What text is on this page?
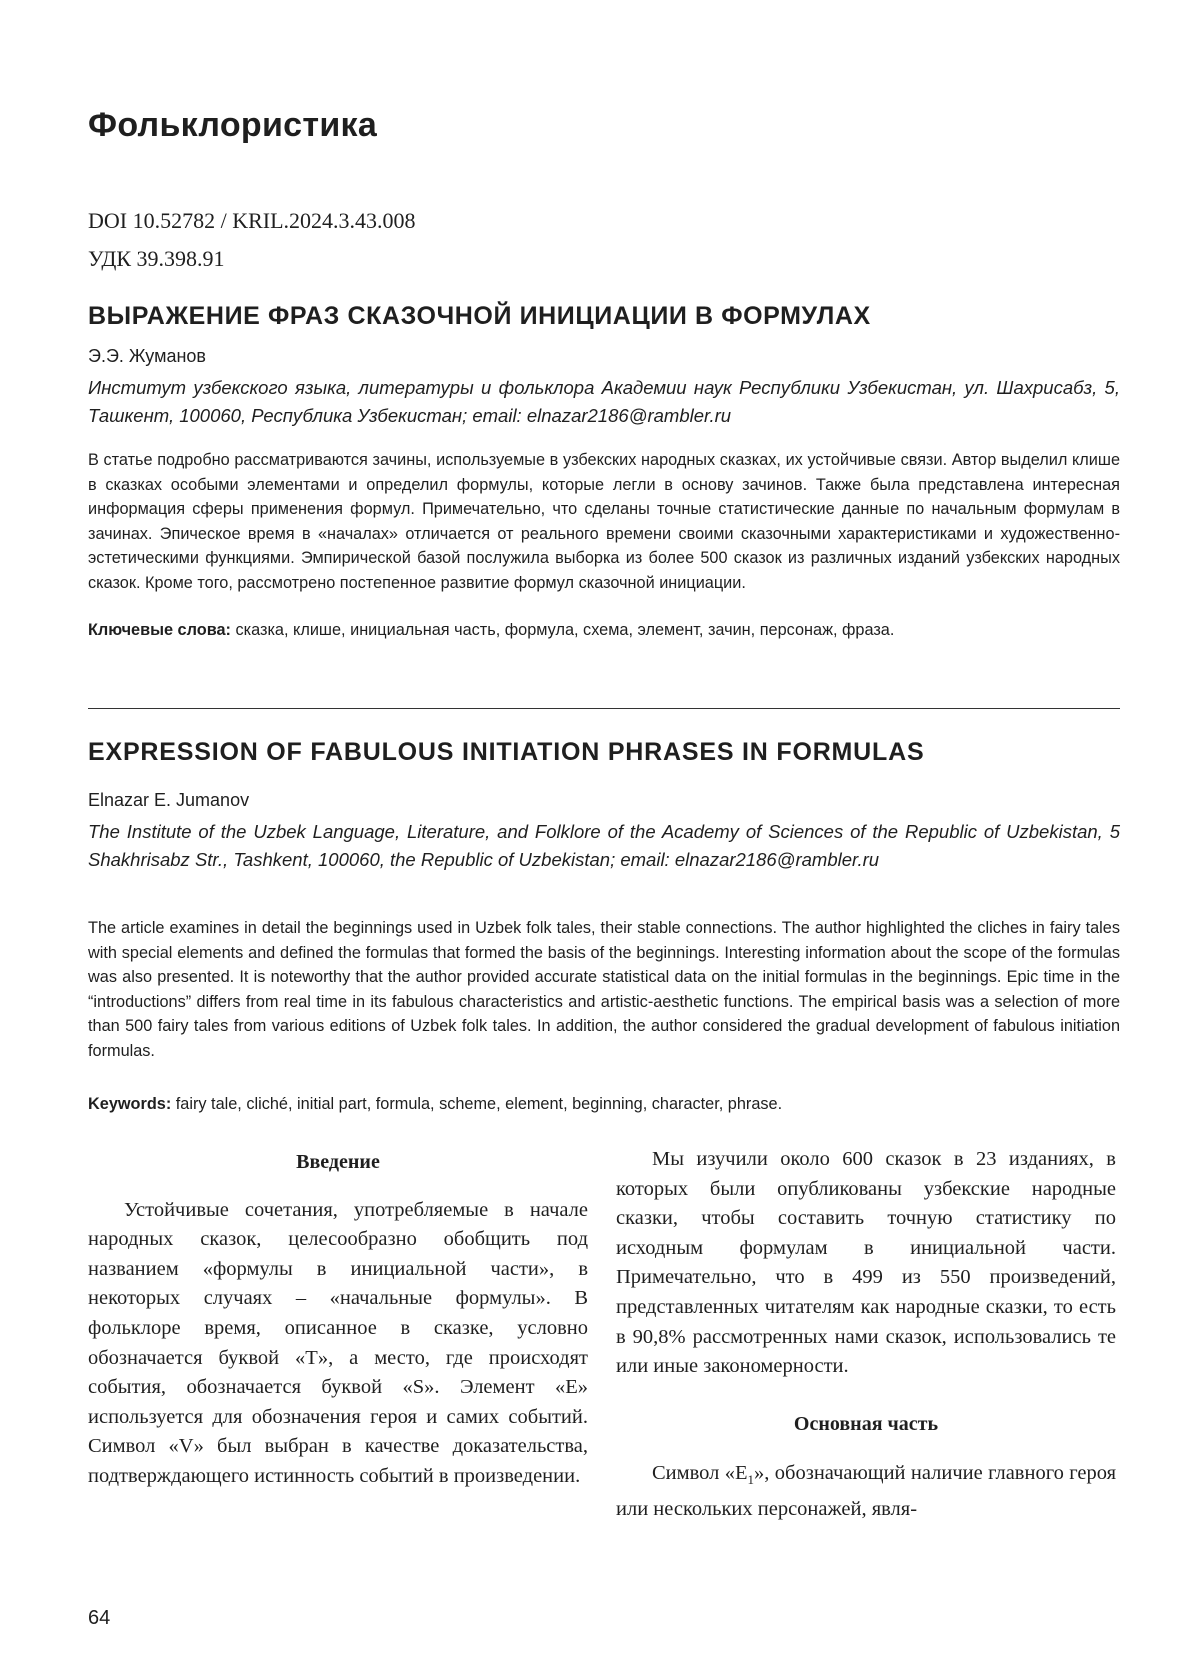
Фольклористика
DOI 10.52782 / KRIL.2024.3.43.008
УДК 39.398.91
ВЫРАЖЕНИЕ ФРАЗ СКАЗОЧНОЙ ИНИЦИАЦИИ В ФОРМУЛАХ
Э.Э. Жуманов
Институт узбекского языка, литературы и фольклора Академии наук Республики Узбекистан, ул. Шахрисабз, 5, Ташкент, 100060, Республика Узбекистан; email: elnazar2186@rambler.ru
В статье подробно рассматриваются зачины, используемые в узбекских народных сказках, их устойчивые связи. Автор выделил клише в сказках особыми элементами и определил формулы, которые легли в основу зачинов. Также была представлена интересная информация сферы применения формул. Примечательно, что сделаны точные статистические данные по начальным формулам в зачинах. Эпическое время в «началах» отличается от реального времени своими сказочными характеристиками и художественно-эстетическими функциями. Эмпирической базой послужила выборка из более 500 сказок из различных изданий узбекских народных сказок. Кроме того, рассмотрено постепенное развитие формул сказочной инициации.
Ключевые слова: сказка, клише, инициальная часть, формула, схема, элемент, зачин, персонаж, фраза.
EXPRESSION OF FABULOUS INITIATION PHRASES IN FORMULAS
Elnazar E. Jumanov
The Institute of the Uzbek Language, Literature, and Folklore of the Academy of Sciences of the Republic of Uzbekistan, 5 Shakhrisabz Str., Tashkent, 100060, the Republic of Uzbekistan; email: elnazar2186@rambler.ru
The article examines in detail the beginnings used in Uzbek folk tales, their stable connections. The author highlighted the cliches in fairy tales with special elements and defined the formulas that formed the basis of the beginnings. Interesting information about the scope of the formulas was also presented. It is noteworthy that the author provided accurate statistical data on the initial formulas in the beginnings. Epic time in the “introductions” differs from real time in its fabulous characteristics and artistic-aesthetic functions. The empirical basis was a selection of more than 500 fairy tales from various editions of Uzbek folk tales. In addition, the author considered the gradual development of fabulous initiation formulas.
Keywords: fairy tale, cliché, initial part, formula, scheme, element, beginning, character, phrase.
Введение

Устойчивые сочетания, употребляемые в начале народных сказок, целесообразно обобщить под названием «формулы в инициальной части», в некоторых случаях – «начальные формулы». В фольклоре время, описанное в сказке, условно обозначается буквой «T», а место, где происходят события, обозначается буквой «S». Элемент «E» используется для обозначения героя и самих событий. Символ «V» был выбран в качестве доказательства, подтверждающего истинность событий в произведении.

Мы изучили около 600 сказок в 23 изданиях, в которых были опубликованы узбекские народные сказки, чтобы составить точную статистику по исходным формулам в инициальной части. Примечательно, что в 499 из 550 произведений, представленных читателям как народные сказки, то есть в 90,8% рассмотренных нами сказок, использовались те или иные закономерности.

Основная часть

Символ «E1», обозначающий наличие главного героя или нескольких персонажей, явля-

64
